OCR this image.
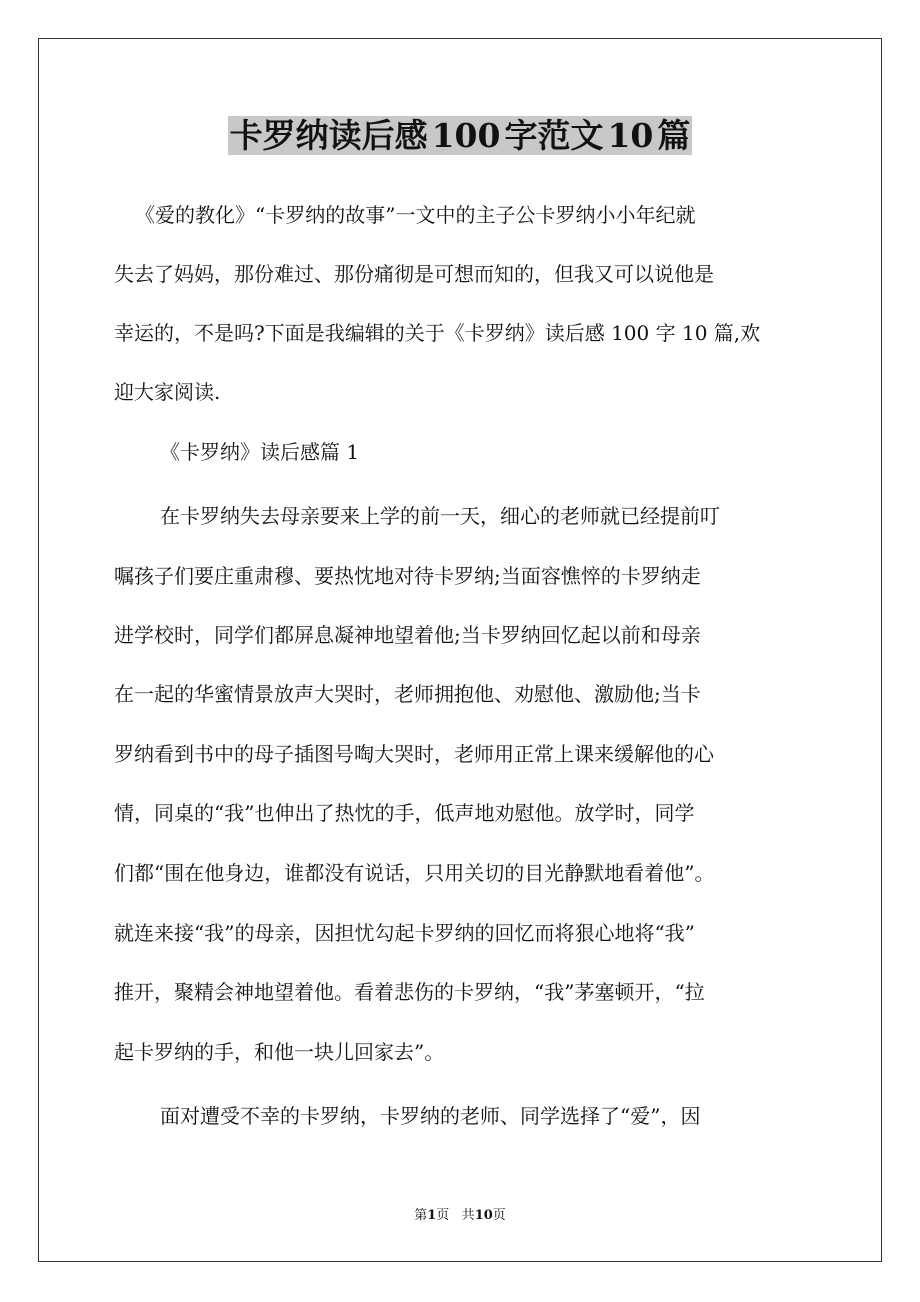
卡罗纳读后感 100 字范文 10 篇

《爱的教化》“卡罗纳的故事”一文中的主子公卡罗纳小小年纪就

失去了妈妈，那份难过、那份痛彻是可想而知的，但我又可以说他是

幸运的，不是吗?下面是我编辑的关于《卡罗纳》读后感 100 字 10 篇,欢

迎大家阅读.

《卡罗纳》读后感篇 1

在卡罗纳失去母亲要来上学的前一天，细心的老师就已经提前叮

嘱孩子们要庄重肃穆、要热忱地对待卡罗纳;当面容憔悴的卡罗纳走

进学校时，同学们都屏息凝神地望着他;当卡罗纳回忆起以前和母亲

在一起的华蜜情景放声大哭时，老师拥抱他、劝慰他、激励他;当卡

罗纳看到书中的母子插图号啕大哭时，老师用正常上课来缓解他的心

情，同桌的“我”也伸出了热忱的手，低声地劝慰他。放学时，同学

们都“围在他身边，谁都没有说话，只用关切的目光静默地看着他”。

就连来接“我”的母亲，因担忧勾起卡罗纳的回忆而将狠心地将“我”

推开，聚精会神地望着他。看着悲伤的卡罗纳，“我”茅塞顿开，“拉

起卡罗纳的手，和他一块儿回家去”。

面对遭受不幸的卡罗纳，卡罗纳的老师、同学选择了“爱”，因

第1页 共10页
